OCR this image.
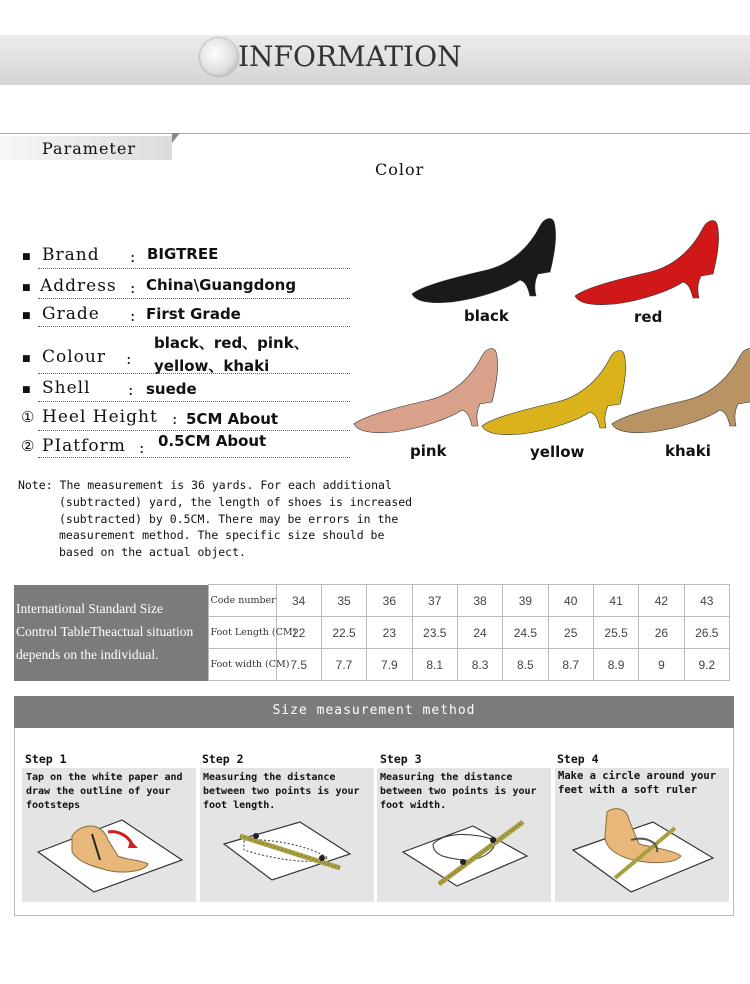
INFORMATION
Parameter
Color
■ Brand : BIGTREE
■ Address : China\Guangdong
■ Grade : First Grade
■ Colour :
black、red、pink、
yellow、khaki
■ Shell : suede
① Heel Height : 5CM About
② PIatform : 0.5CM About
black	red
pink	yellow	khaki
Note: The measurement is 36 yards. For each additional
(subtracted) yard, the length of shoes is increased
(subtracted) by 0.5CM. There may be errors in the
measurement method. The specific size should be
based on the actual object.
International Standard Size
Control TableTheactual situation
depends on the individual.	Code number	34	35	36	37	38	39	40	41	42	43
	Foot Length (CM)	22	22.5	23	23.5	24	24.5	25	25.5	26	26.5
	Foot width (CM)	7.5	7.7	7.9	8.1	8.3	8.5	8.7	8.9	9	9.2
Size measurement method
Step 1
Tap on the white paper and draw the outline of your footsteps
Step 2
Measuring the distance between two points is your foot length.
Step 3
Measuring the distance between two points is your foot width.
Step 4
Make a circle around your feet with a soft ruler
